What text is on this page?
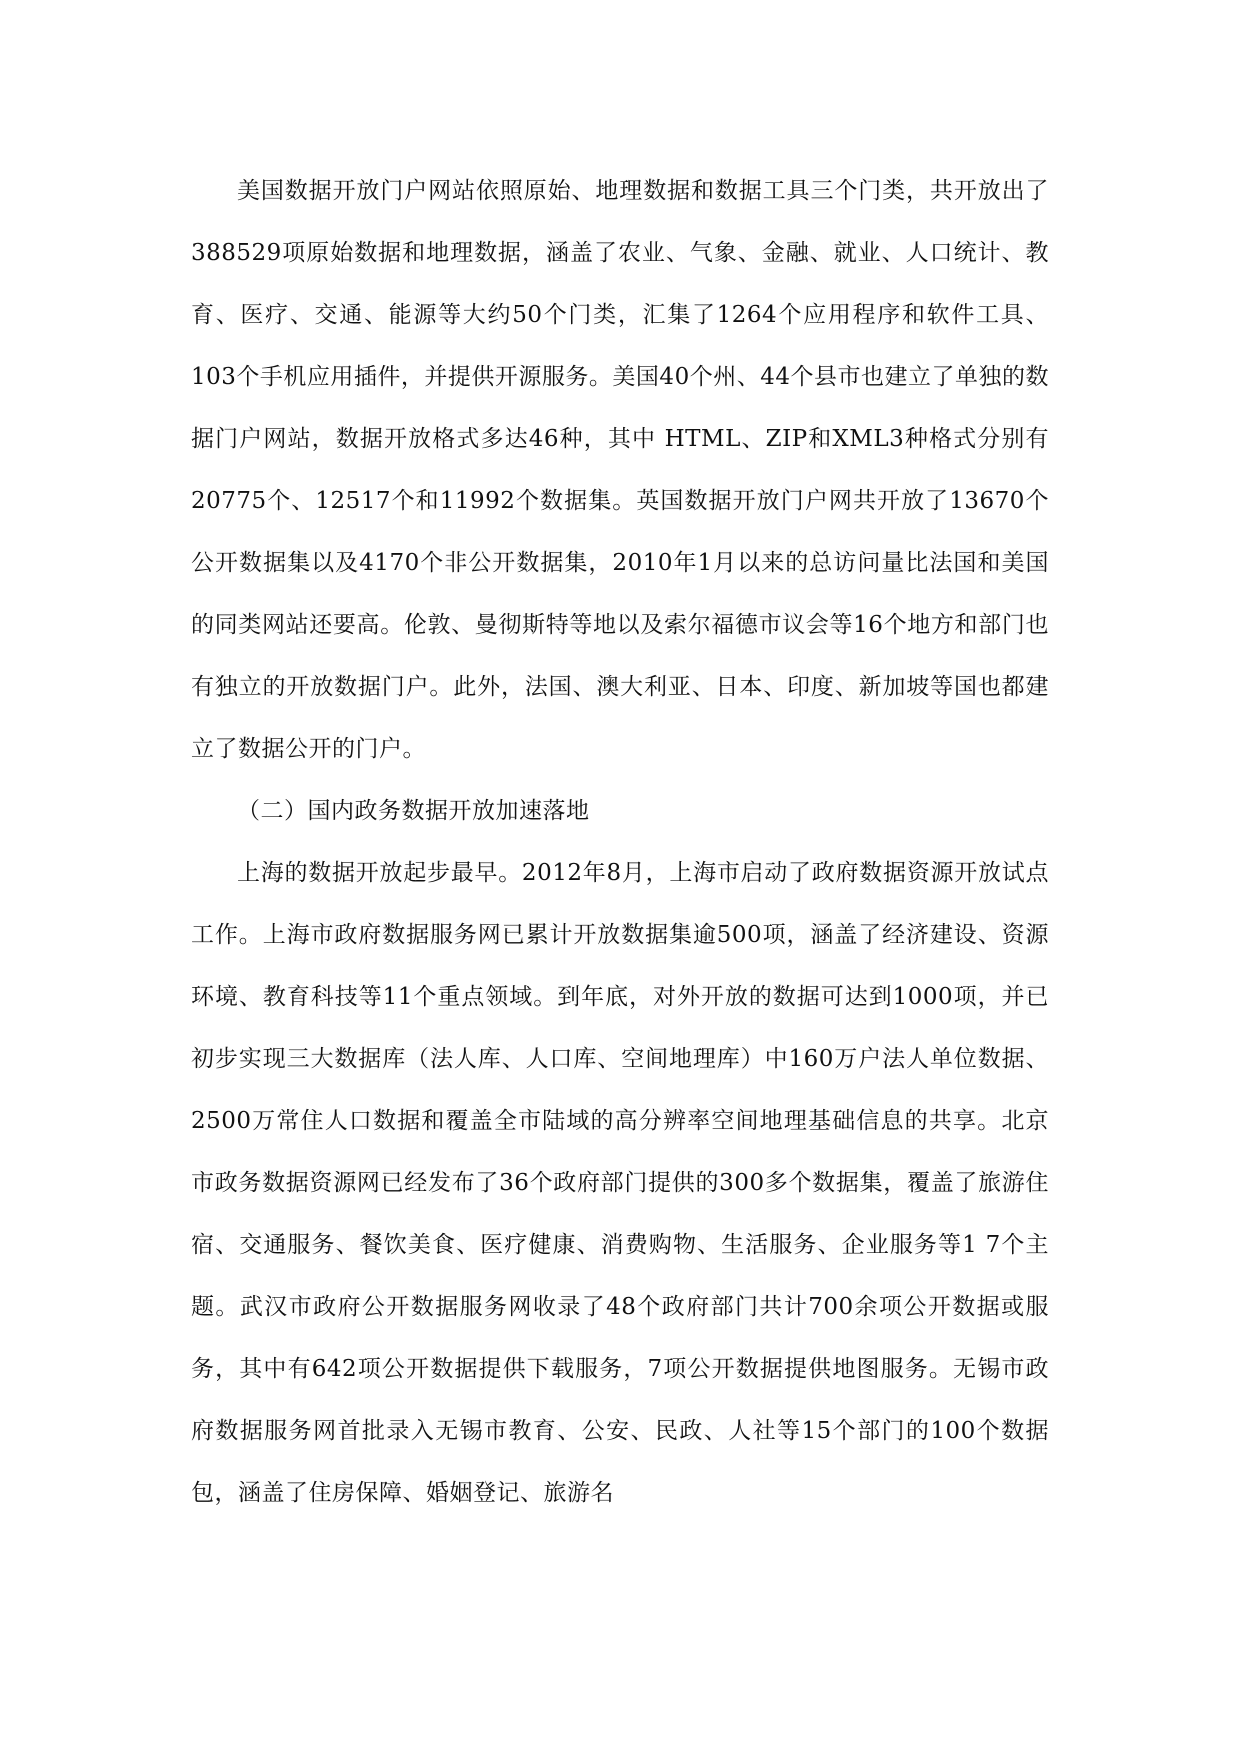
美国数据开放门户网站依照原始、地理数据和数据工具三个门类，共开放出了388529项原始数据和地理数据，涵盖了农业、气象、金融、就业、人口统计、教育、医疗、交通、能源等大约50个门类，汇集了1264个应用程序和软件工具、103个手机应用插件，并提供开源服务。美国40个州、44个县市也建立了单独的数据门户网站，数据开放格式多达46种，其中 HTML、ZIP和XML3种格式分别有20775个、12517个和11992个数据集。英国数据开放门户网共开放了13670个公开数据集以及4170个非公开数据集，2010年1月以来的总访问量比法国和美国的同类网站还要高。伦敦、曼彻斯特等地以及索尔福德市议会等16个地方和部门也有独立的开放数据门户。此外，法国、澳大利亚、日本、印度、新加坡等国也都建立了数据公开的门户。

（二）国内政务数据开放加速落地

上海的数据开放起步最早。2012年8月，上海市启动了政府数据资源开放试点工作。上海市政府数据服务网已累计开放数据集逾500项，涵盖了经济建设、资源环境、教育科技等11个重点领域。到年底，对外开放的数据可达到1000项，并已初步实现三大数据库（法人库、人口库、空间地理库）中160万户法人单位数据、2500万常住人口数据和覆盖全市陆域的高分辨率空间地理基础信息的共享。北京市政务数据资源网已经发布了36个政府部门提供的300多个数据集，覆盖了旅游住宿、交通服务、餐饮美食、医疗健康、消费购物、生活服务、企业服务等1 7个主题。武汉市政府公开数据服务网收录了48个政府部门共计700余项公开数据或服务，其中有642项公开数据提供下载服务，7项公开数据提供地图服务。无锡市政府数据服务网首批录入无锡市教育、公安、民政、人社等15个部门的100个数据包，涵盖了住房保障、婚姻登记、旅游名
